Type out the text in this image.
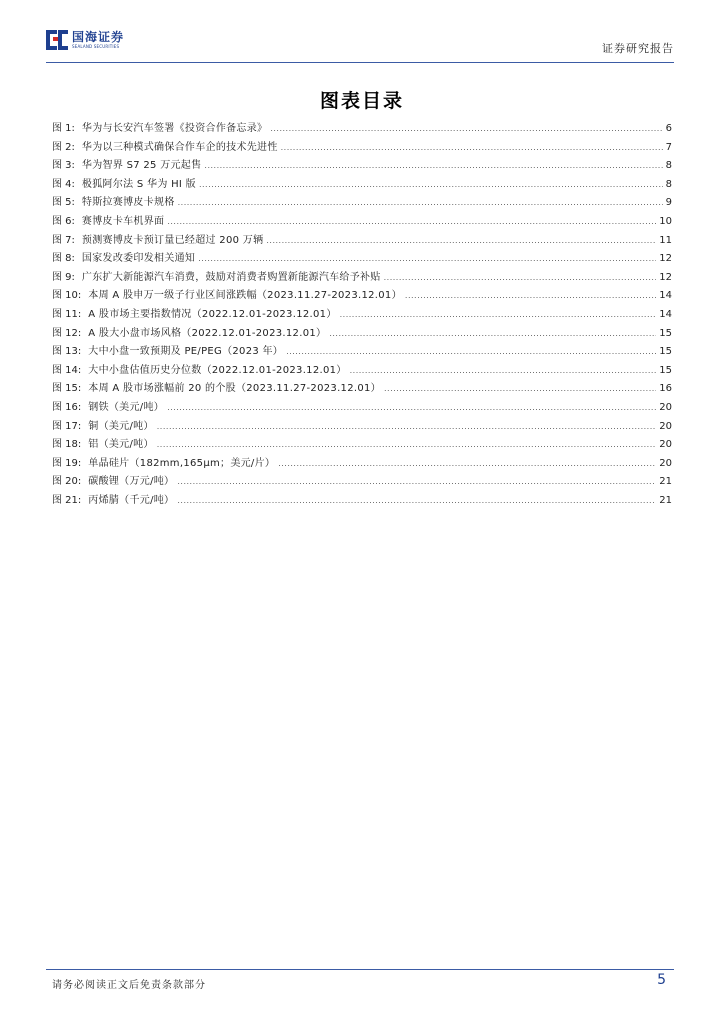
国海证券
SEALAND SECURITIES	证券研究报告
图表目录
图 1: 华为与长安汽车签署《投资合作备忘录》 .....	6
图 2: 华为以三种模式确保合作车企的技术先进性 .....	7
图 3: 华为智界 S7 25 万元起售 .....	8
图 4: 极狐阿尔法 S 华为 HI 版 .....	8
图 5: 特斯拉赛博皮卡规格 .....	9
图 6: 赛博皮卡车机界面 .....	10
图 7: 预测赛博皮卡预订量已经超过 200 万辆 .....	11
图 8: 国家发改委印发相关通知 .....	12
图 9: 广东扩大新能源汽车消费，鼓励对消费者购置新能源汽车给予补贴 .....	12
图 10: 本周 A 股申万一级子行业区间涨跌幅（2023.11.27-2023.12.01） .....	14
图 11: A 股市场主要指数情况（2022.12.01-2023.12.01） .....	14
图 12: A 股大小盘市场风格（2022.12.01-2023.12.01） .....	15
图 13: 大中小盘一致预期及 PE/PEG（2023 年） .....	15
图 14: 大中小盘估值历史分位数（2022.12.01-2023.12.01） .....	15
图 15: 本周 A 股市场涨幅前 20 的个股（2023.11.27-2023.12.01） .....	16
图 16: 钢铁（美元/吨） .....	20
图 17: 铜（美元/吨） .....	20
图 18: 铝（美元/吨） .....	20
图 19: 单晶硅片（182mm,165μm；美元/片） .....	20
图 20: 碳酸锂（万元/吨） .....	21
图 21: 丙烯腈（千元/吨） .....	21
请务必阅读正文后免责条款部分	5
